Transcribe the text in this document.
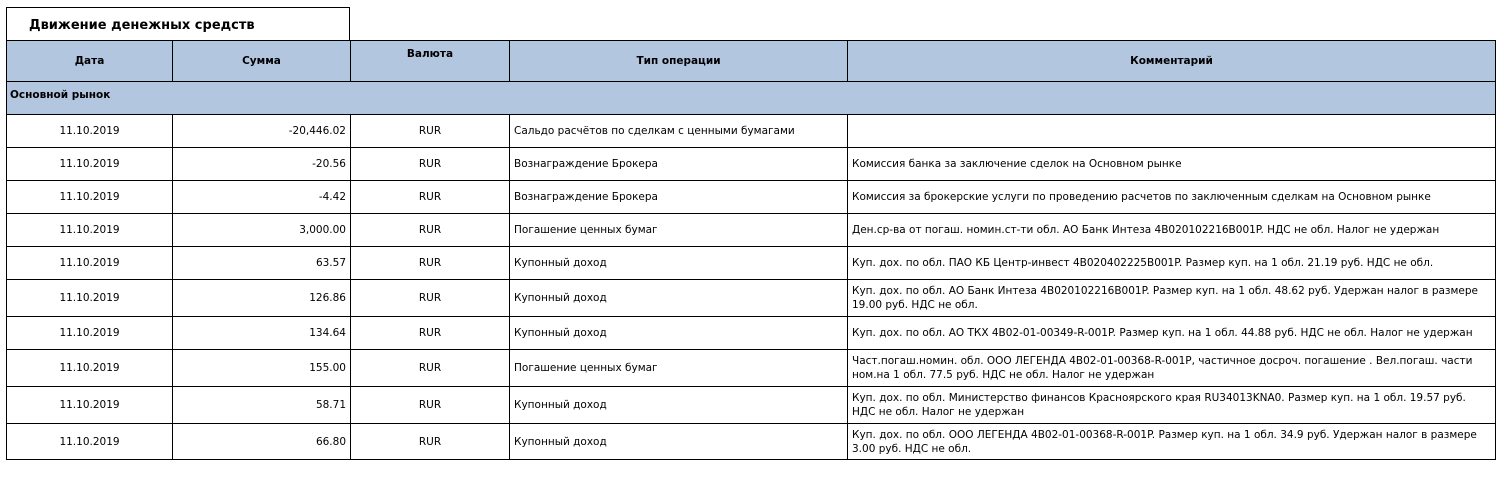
Движение денежных средств
Дата	Сумма	Валюта	Тип операции	Комментарий
Основной рынок				
11.10.2019	-20,446.02	RUR	Сальдо расчётов по сделкам с ценными бумагами	
11.10.2019	-20.56	RUR	Вознаграждение Брокера	Комиссия банка за заключение сделок на Основном рынке
11.10.2019	-4.42	RUR	Вознаграждение Брокера	Комиссия за брокерские услуги по проведению расчетов по заключенным сделкам на Основном рынке
11.10.2019	3,000.00	RUR	Погашение ценных бумаг	Ден.ср-ва от погаш. номин.ст-ти обл. АО Банк Интеза 4B020102216B001P. НДС не обл. Налог не удержан
11.10.2019	63.57	RUR	Купонный доход	Куп. дох. по обл. ПАО КБ Центр-инвест 4B020402225B001P. Размер куп. на 1 обл. 21.19 руб. НДС не обл.
11.10.2019	126.86	RUR	Купонный доход	Куп. дох. по обл. АО Банк Интеза 4B020102216B001P. Размер куп. на 1 обл. 48.62 руб. Удержан налог в размере 19.00 руб. НДС не обл.
11.10.2019	134.64	RUR	Купонный доход	Куп. дох. по обл. АО ТКХ 4B02-01-00349-R-001P. Размер куп. на 1 обл. 44.88 руб. НДС не обл. Налог не удержан
11.10.2019	155.00	RUR	Погашение ценных бумаг	Част.погаш.номин. обл. ООО ЛЕГЕНДА 4B02-01-00368-R-001P, частичное досроч. погашение . Вел.погаш. части ном.на 1 обл. 77.5 руб. НДС не обл. Налог не удержан
11.10.2019	58.71	RUR	Купонный доход	Куп. дох. по обл. Министерство финансов Красноярского края RU34013KNA0. Размер куп. на 1 обл. 19.57 руб. НДС не обл. Налог не удержан
11.10.2019	66.80	RUR	Купонный доход	Куп. дох. по обл. ООО ЛЕГЕНДА 4B02-01-00368-R-001P. Размер куп. на 1 обл. 34.9 руб. Удержан налог в размере 3.00 руб. НДС не обл.
